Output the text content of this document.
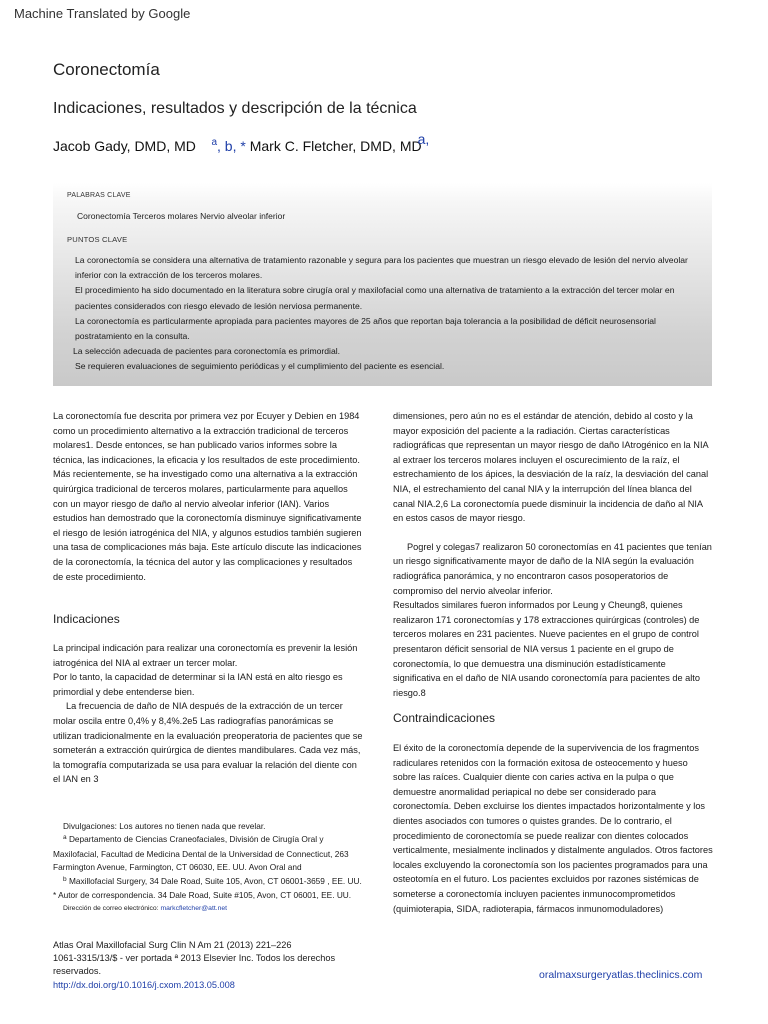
Machine Translated by Google
Coronectomía
Indicaciones, resultados y descripción de la técnica
Jacob Gady, DMD, MD $^a$, b, * Mark C. Fletcher, DMD, MDa,
PALABRAS CLAVE
Coronectomía Terceros molares Nervio alveolar inferior
PUNTOS CLAVE
La coronectomía se considera una alternativa de tratamiento razonable y segura para los pacientes que muestran un riesgo elevado de lesión del nervio alveolar inferior con la extracción de los terceros molares.
El procedimiento ha sido documentado en la literatura sobre cirugía oral y maxilofacial como una alternativa de tratamiento a la extracción del tercer molar en pacientes considerados con riesgo elevado de lesión nerviosa permanente.
La coronectomía es particularmente apropiada para pacientes mayores de 25 años que reportan baja tolerancia a la posibilidad de déficit neurosensorial postratamiento en la consulta.
La selección adecuada de pacientes para coronectomía es primordial.
Se requieren evaluaciones de seguimiento periódicas y el cumplimiento del paciente es esencial.

La coronectomía fue descrita por primera vez por Ecuyer y Debien en 1984 como un procedimiento alternativo a la extracción tradicional de terceros molares1. Desde entonces, se han publicado varios informes sobre la técnica, las indicaciones, la eficacia y los resultados de este procedimiento. Más recientemente, se ha investigado como una alternativa a la extracción quirúrgica tradicional de terceros molares, particularmente para aquellos con un mayor riesgo de daño al nervio alveolar inferior (IAN). Varios estudios han demostrado que la coronectomía disminuye significativamente el riesgo de lesión iatrogénica del NIA, y algunos estudios también sugieren una tasa de complicaciones más baja. Este artículo discute las indicaciones de la coronectomía, la técnica del autor y las complicaciones y resultados de este procedimiento.

Indicaciones

La principal indicación para realizar una coronectomía es prevenir la lesión iatrogénica del NIA al extraer un tercer molar.

Por lo tanto, la capacidad de determinar si la IAN está en alto riesgo es primordial y debe entenderse bien.

La frecuencia de daño de NIA después de la extracción de un tercer molar oscila entre 0,4% y 8,4%.2e5 Las radiografías panorámicas se utilizan tradicionalmente en la evaluación preoperatoria de pacientes que se someterán a extracción quirúrgica de dientes mandibulares. Cada vez más, la tomografía computarizada se usa para evaluar la relación del diente con el IAN en 3

dimensiones, pero aún no es el estándar de atención, debido al costo y la mayor exposición del paciente a la radiación. Ciertas características radiográficas que representan un mayor riesgo de daño IAtrogénico en la NIA al extraer los terceros molares incluyen el oscurecimiento de la raíz, el estrechamiento de los ápices, la desviación de la raíz, la desviación del canal NIA, el estrechamiento del canal NIA y la interrupción del línea blanca del canal NIA.2,6 La coronectomía puede disminuir la incidencia de daño al NIA en estos casos de mayor riesgo.

Pogrel y colegas7 realizaron 50 coronectomías en 41 pacientes que tenían un riesgo significativamente mayor de daño de la NIA según la evaluación radiográfica panorámica, y no encontraron casos posoperatorios de compromiso del nervio alveolar inferior.

Resultados similares fueron informados por Leung y Cheung8, quienes realizaron 171 coronectomías y 178 extracciones quirúrgicas (controles) de terceros molares en 231 pacientes. Nueve pacientes en el grupo de control presentaron déficit sensorial de NIA versus 1 paciente en el grupo de coronectomía, lo que demuestra una disminución estadísticamente significativa en el daño de NIA usando coronectomía para pacientes de alto riesgo.8

Contraindicaciones

El éxito de la coronectomía depende de la supervivencia de los fragmentos radiculares retenidos con la formación exitosa de osteocemento y hueso sobre las raíces. Cualquier diente con caries activa en la pulpa o que demuestre anormalidad periapical no debe ser considerado para coronectomía. Deben excluirse los dientes impactados horizontalmente y los dientes asociados con tumores o quistes grandes. De lo contrario, el procedimiento de coronectomía se puede realizar con dientes colocados verticalmente, mesialmente inclinados y distalmente angulados. Otros factores locales excluyendo la coronectomía son los pacientes programados para una osteotomía en el futuro. Los pacientes excluidos por razones sistémicas de someterse a coronectomía incluyen pacientes inmunocomprometidos (quimioterapia, SIDA, radioterapia, fármacos inmunomoduladores)

Divulgaciones: Los autores no tienen nada que revelar.
$^a$ Departamento de Ciencias Craneofaciales, División de Cirugía Oral y Maxilofacial, Facultad de Medicina Dental de la Universidad de Connecticut, 263 Farmington Avenue, Farmington, CT 06030, EE. UU. Avon Oral and
$^b$ Maxillofacial Surgery, 34 Dale Road, Suite 105, Avon, CT 06001-3659 , EE. UU. * Autor de correspondencia. 34 Dale Road, Suite #105, Avon, CT 06001, EE. UU.
Dirección de correo electrónico: markcfletcher@att.net
Atlas Oral Maxillofacial Surg Clin N Am 21 (2013) 221–226
1061-3315/13/$ - ver portada ª 2013 Elsevier Inc. Todos los derechos reservados.
http://dx.doi.org/10.1016/j.cxom.2013.05.008
oralmaxsurgeryatlas.theclinics.com
